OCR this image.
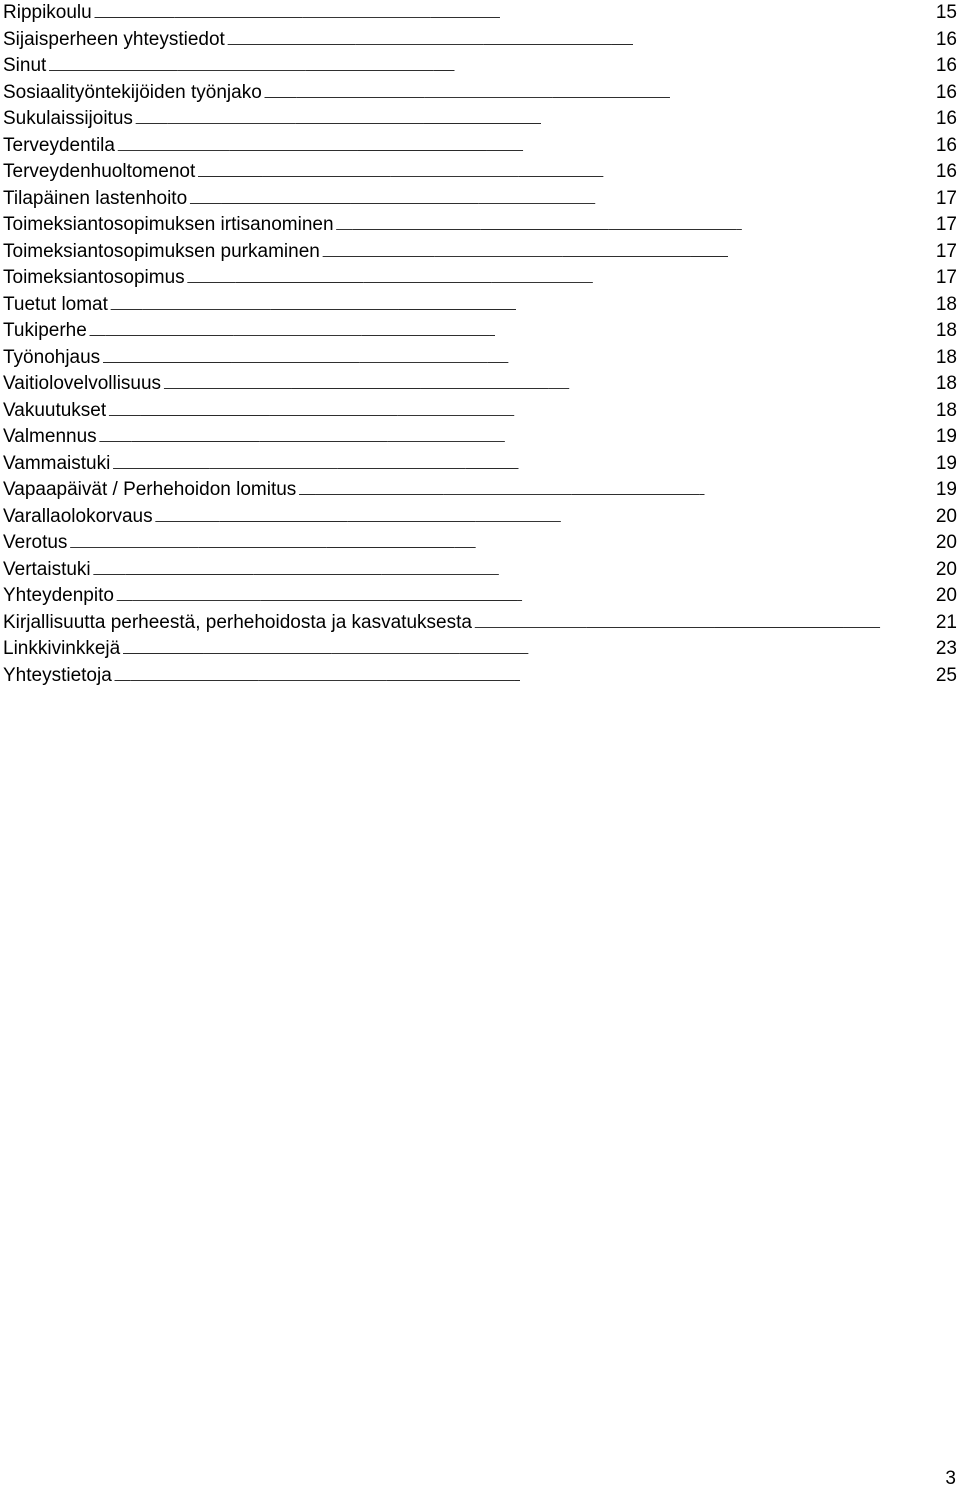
Rippikoulu . . .	15
Sijaisperheen yhteystiedot . . .	16
Sinut . . .	16
Sosiaalityöntekijöiden työnjako . . .	16
Sukulaissijoitus . . .	16
Terveydentila . . .	16
Terveydenhuoltomenot . . .	16
Tilapäinen lastenhoito . . .	17
Toimeksiantosopimuksen irtisanominen . . .	17
Toimeksiantosopimuksen purkaminen . . .	17
Toimeksiantosopimus . . .	17
Tuetut lomat . . .	18
Tukiperhe . . .	18
Työnohjaus . . .	18
Vaitiolovelvollisuus . . .	18
Vakuutukset . . .	18
Valmennus . . .	19
Vammaistuki . . .	19
Vapaapäivät / Perhehoidon lomitus . . .	19
Varallaolokorvaus . . .	20
Verotus . . .	20
Vertaistuki . . .	20
Yhteydenpito . . .	20
Kirjallisuutta perheestä, perhehoidosta ja kasvatuksesta . . .	21
Linkkivinkkejä . . .	23
Yhteystietoja . . .	25
3
